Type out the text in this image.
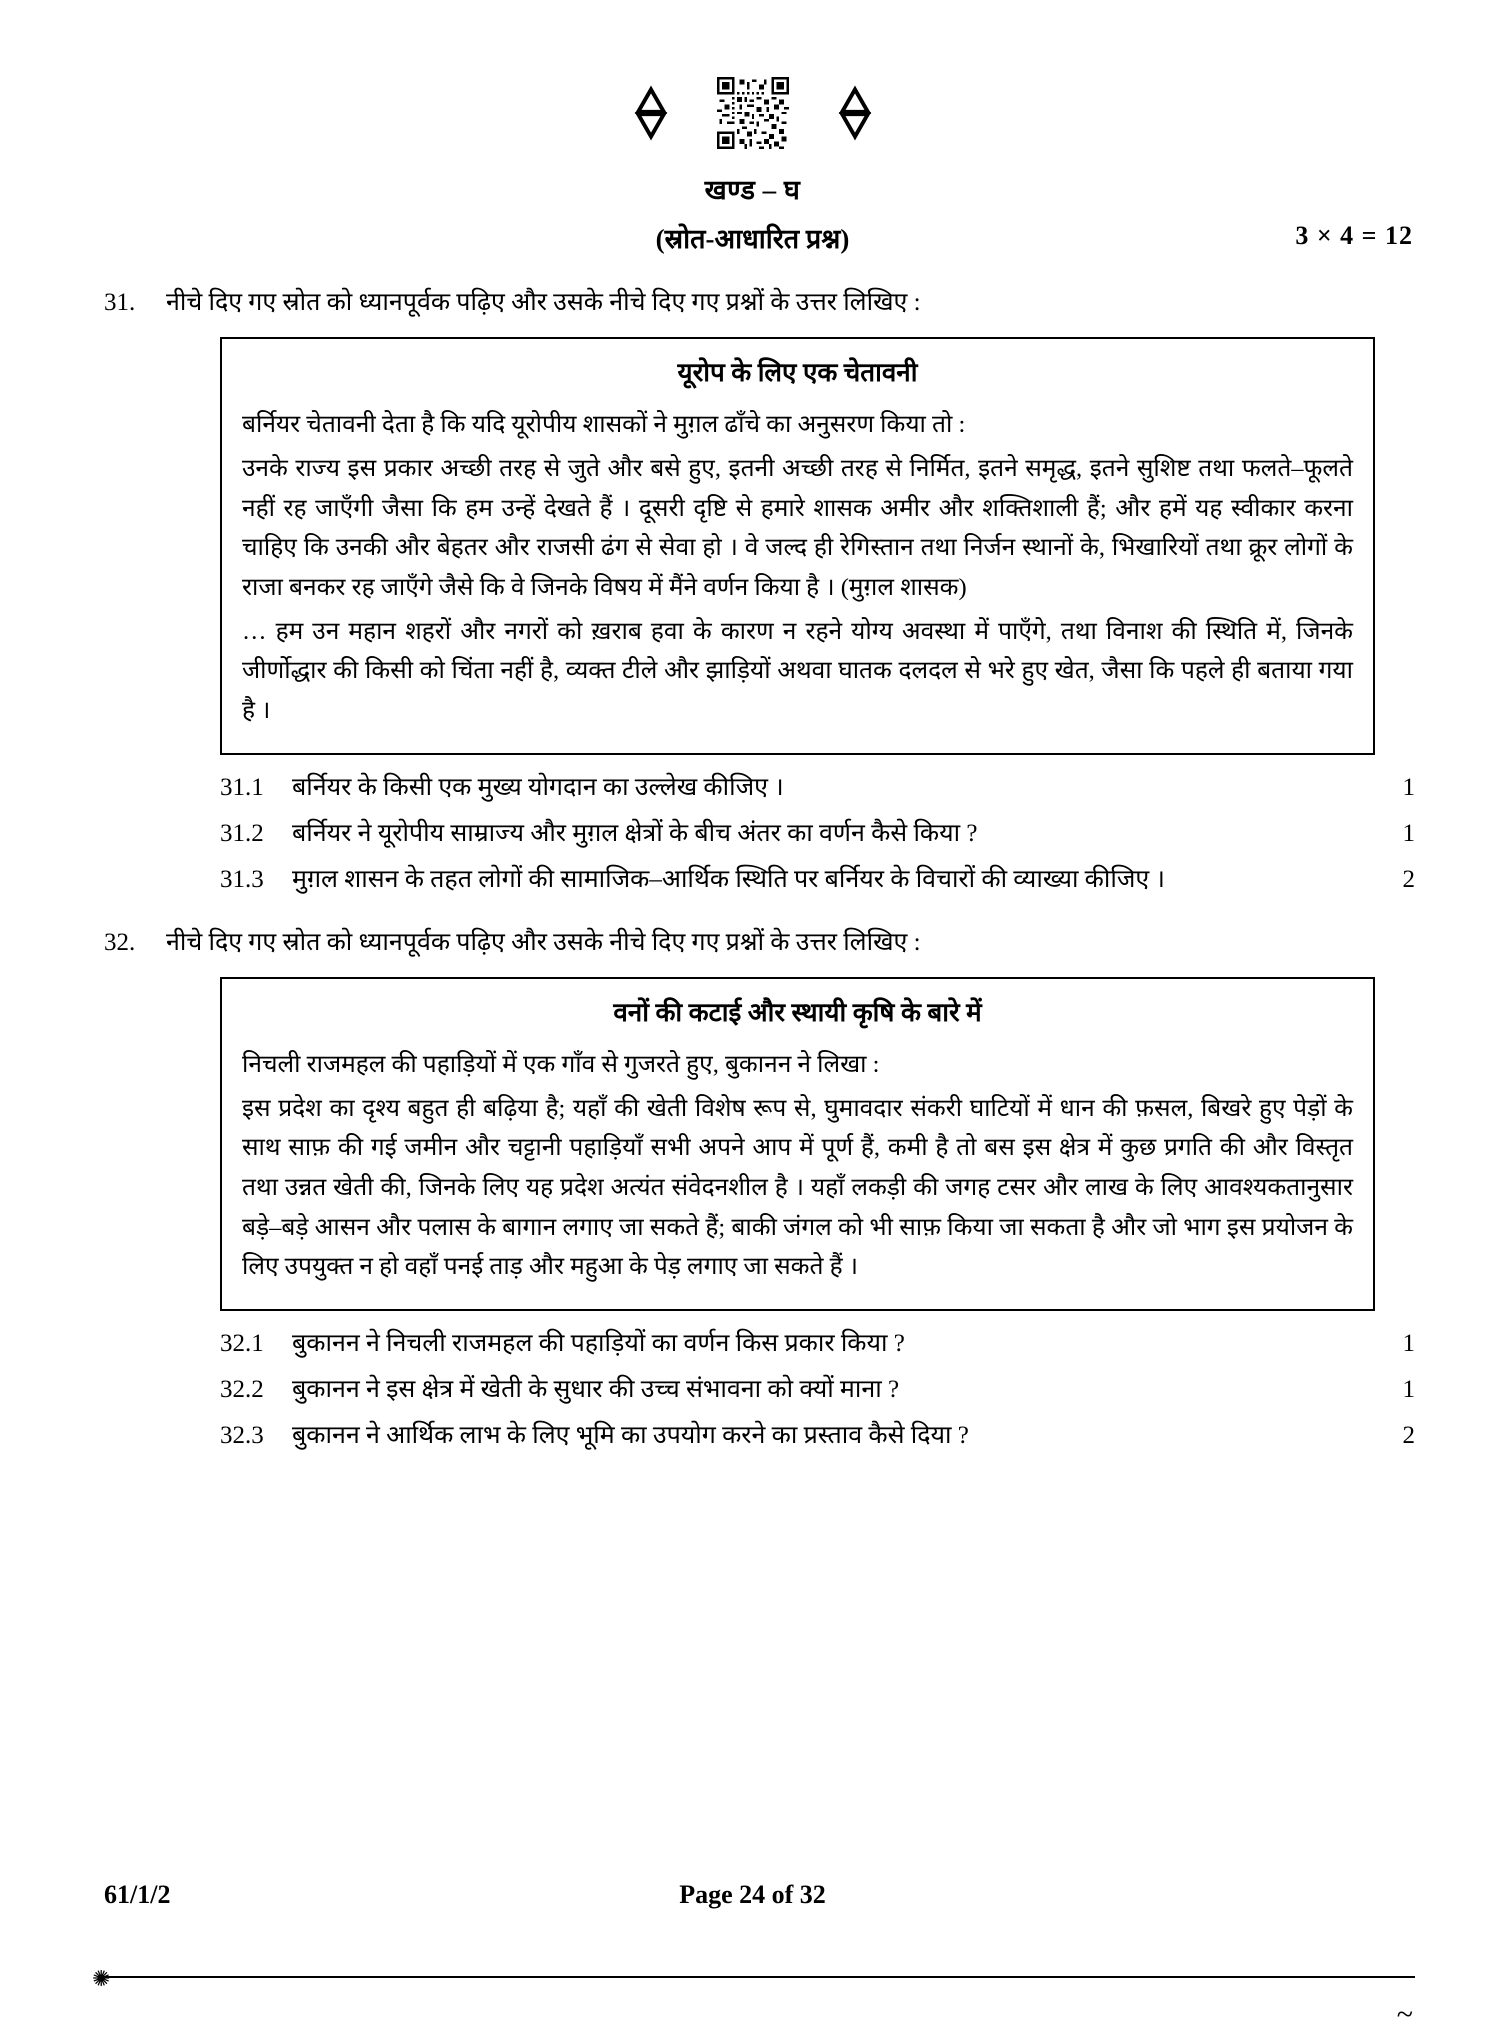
खण्ड – घ
(स्रोत-आधारित प्रश्न)	3 × 4 = 12
31.	नीचे दिए गए स्रोत को ध्यानपूर्वक पढ़िए और उसके नीचे दिए गए प्रश्नों के उत्तर लिखिए :
यूरोप के लिए एक चेतावनी

बर्नियर चेतावनी देता है कि यदि यूरोपीय शासकों ने मुग़ल ढाँचे का अनुसरण किया तो :

उनके राज्य इस प्रकार अच्छी तरह से जुते और बसे हुए, इतनी अच्छी तरह से निर्मित, इतने समृद्ध, इतने सुशिष्ट तथा फलते–फूलते नहीं रह जाएँगी जैसा कि हम उन्हें देखते हैं । दूसरी दृष्टि से हमारे शासक अमीर और शक्तिशाली हैं; और हमें यह स्वीकार करना चाहिए कि उनकी और बेहतर और राजसी ढंग से सेवा हो । वे जल्द ही रेगिस्तान तथा निर्जन स्थानों के, भिखारियों तथा क्रूर लोगों के राजा बनकर रह जाएँगे जैसे कि वे जिनके विषय में मैंने वर्णन किया है । (मुग़ल शासक)

… हम उन महान शहरों और नगरों को ख़राब हवा के कारण न रहने योग्य अवस्था में पाएँगे, तथा विनाश की स्थिति में, जिनके जीर्णोद्धार की किसी को चिंता नहीं है, व्यक्त टीले और झाड़ियों अथवा घातक दलदल से भरे हुए खेत, जैसा कि पहले ही बताया गया है ।

31.1	बर्नियर के किसी एक मुख्य योगदान का उल्लेख कीजिए ।	1
31.2	बर्नियर ने यूरोपीय साम्राज्य और मुग़ल क्षेत्रों के बीच अंतर का वर्णन कैसे किया ?	1
31.3	मुग़ल शासन के तहत लोगों की सामाजिक–आर्थिक स्थिति पर बर्नियर के विचारों की व्याख्या कीजिए ।	2
32.	नीचे दिए गए स्रोत को ध्यानपूर्वक पढ़िए और उसके नीचे दिए गए प्रश्नों के उत्तर लिखिए :
वनों की कटाई और स्थायी कृषि के बारे में

निचली राजमहल की पहाड़ियों में एक गाँव से गुजरते हुए, बुकानन ने लिखा :

इस प्रदेश का दृश्य बहुत ही बढ़िया है; यहाँ की खेती विशेष रूप से, घुमावदार संकरी घाटियों में धान की फ़सल, बिखरे हुए पेड़ों के साथ साफ़ की गई जमीन और चट्टानी पहाड़ियाँ सभी अपने आप में पूर्ण हैं, कमी है तो बस इस क्षेत्र में कुछ प्रगति की और विस्तृत तथा उन्नत खेती की, जिनके लिए यह प्रदेश अत्यंत संवेदनशील है । यहाँ लकड़ी की जगह टसर और लाख के लिए आवश्यकतानुसार बड़े–बड़े आसन और पलास के बागान लगाए जा सकते हैं; बाकी जंगल को भी साफ़ किया जा सकता है और जो भाग इस प्रयोजन के लिए उपयुक्त न हो वहाँ पनई ताड़ और महुआ के पेड़ लगाए जा सकते हैं ।

32.1	बुकानन ने निचली राजमहल की पहाड़ियों का वर्णन किस प्रकार किया ?	1
32.2	बुकानन ने इस क्षेत्र में खेती के सुधार की उच्च संभावना को क्यों माना ?	1
32.3	बुकानन ने आर्थिक लाभ के लिए भूमि का उपयोग करने का प्रस्ताव कैसे दिया ?	2
61/1/2	Page 24 of 32
✺
~
